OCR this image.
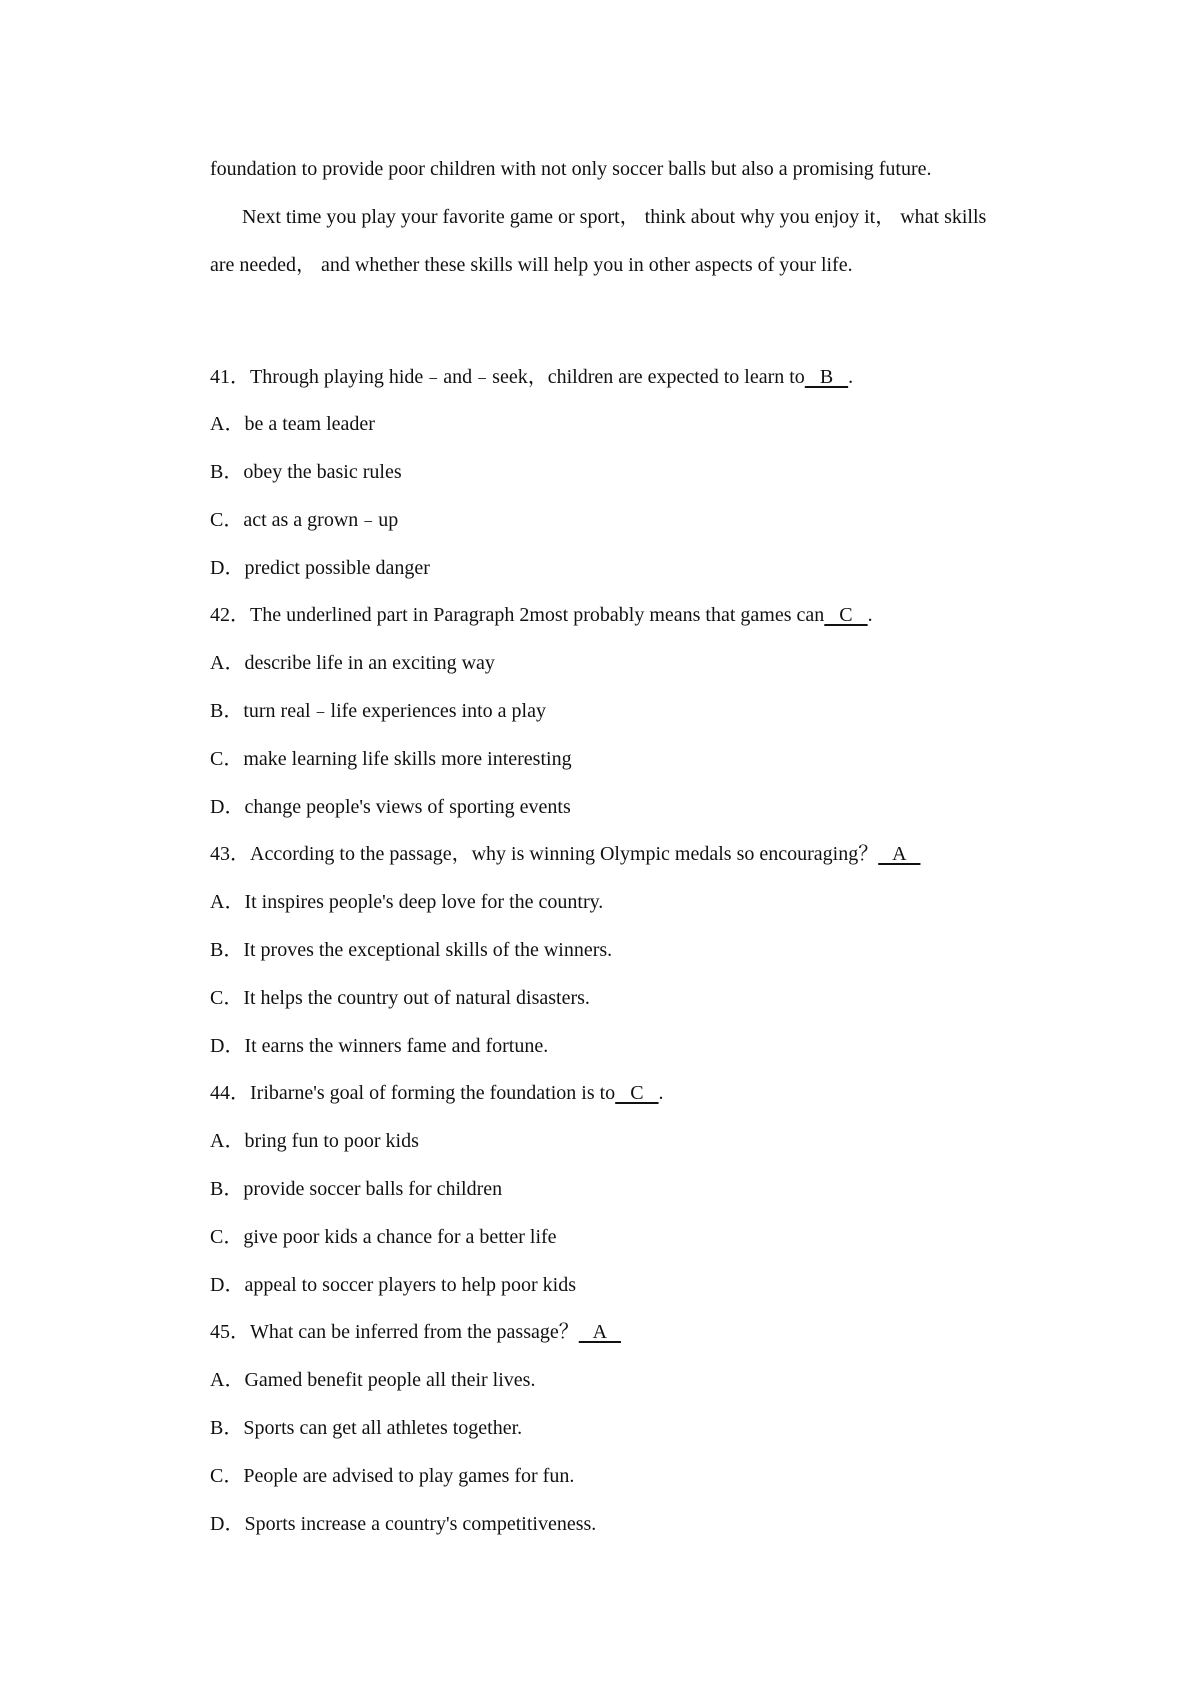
foundation to provide poor children with not only soccer balls but also a promising future.
Next time you play your favorite game or sport， think about why you enjoy it， what skills
are needed， and whether these skills will help you in other aspects of your life.
41．Through playing hide﹣and﹣seek，children are expected to learn to   B   .
A．be a team leader
B．obey the basic rules
C．act as a grown﹣up
D．predict possible danger
42．The underlined part in Paragraph 2most probably means that games can   C   .
A．describe life in an exciting way
B．turn real﹣life experiences into a play
C．make learning life skills more interesting
D．change people's views of sporting events
43．According to the passage，why is winning Olympic medals so encouraging？   A
A．It inspires people's deep love for the country.
B．It proves the exceptional skills of the winners.
C．It helps the country out of natural disasters.
D．It earns the winners fame and fortune.
44．Iribarne's goal of forming the foundation is to   C   .
A．bring fun to poor kids
B．provide soccer balls for children
C．give poor kids a chance for a better life
D．appeal to soccer players to help poor kids
45．What can be inferred from the passage？   A
A．Gamed benefit people all their lives.
B．Sports can get all athletes together.
C．People are advised to play games for fun.
D．Sports increase a country's competitiveness.
